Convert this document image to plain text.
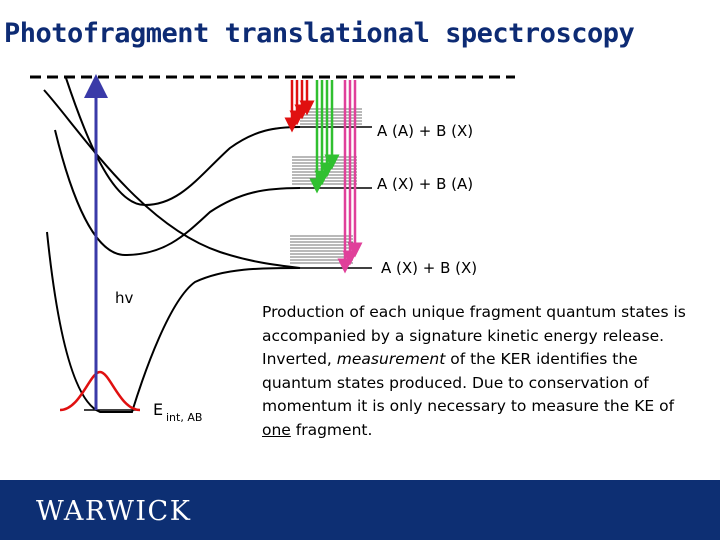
Photofragment translational spectroscopy
A (A) + B (X)
A (X) + B (A)
A (X) + B (X)
hv
E int, AB

Production of each unique fragment quantum states is accompanied by a signature kinetic energy release. Inverted, measurement of the KER identifies the quantum states produced. Due to conservation of momentum it is only necessary to measure the KE of one fragment.

WARWICK
